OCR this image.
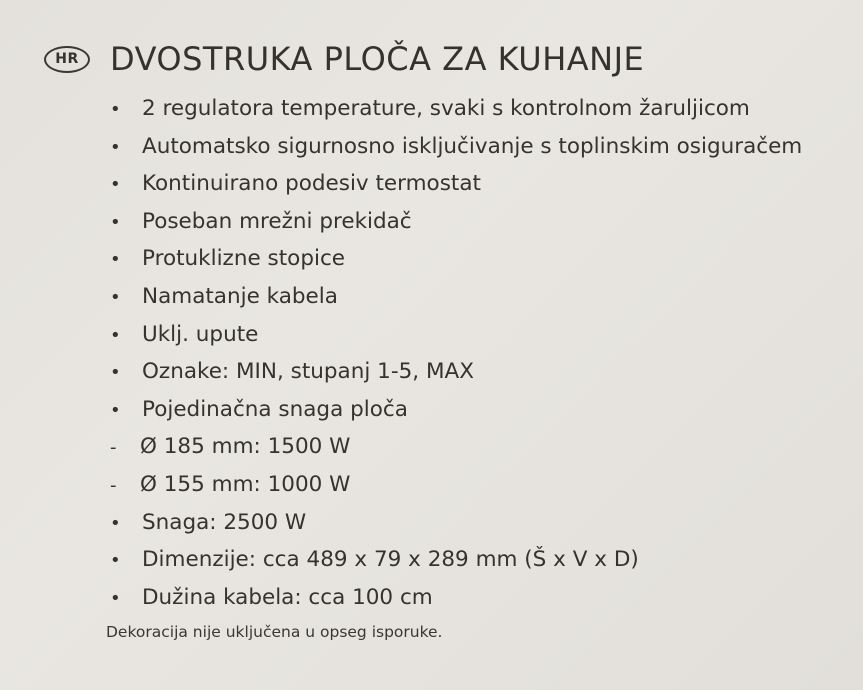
HR DVOSTRUKA PLOČA ZA KUHANJE
• 2 regulatora temperature, svaki s kontrolnom žaruljicom
• Automatsko sigurnosno isključivanje s toplinskim osiguračem
• Kontinuirano podesiv termostat
• Poseban mrežni prekidač
• Protuklizne stopice
• Namatanje kabela
• Uklj. upute
• Oznake: MIN, stupanj 1-5, MAX
• Pojedinačna snaga ploča
-	Ø 185 mm: 1500 W
-	Ø 155 mm: 1000 W
• Snaga: 2500 W
• Dimenzije: cca 489 x 79 x 289 mm (Š x V x D)
• Dužina kabela: cca 100 cm
Dekoracija nije uključena u opseg isporuke.
